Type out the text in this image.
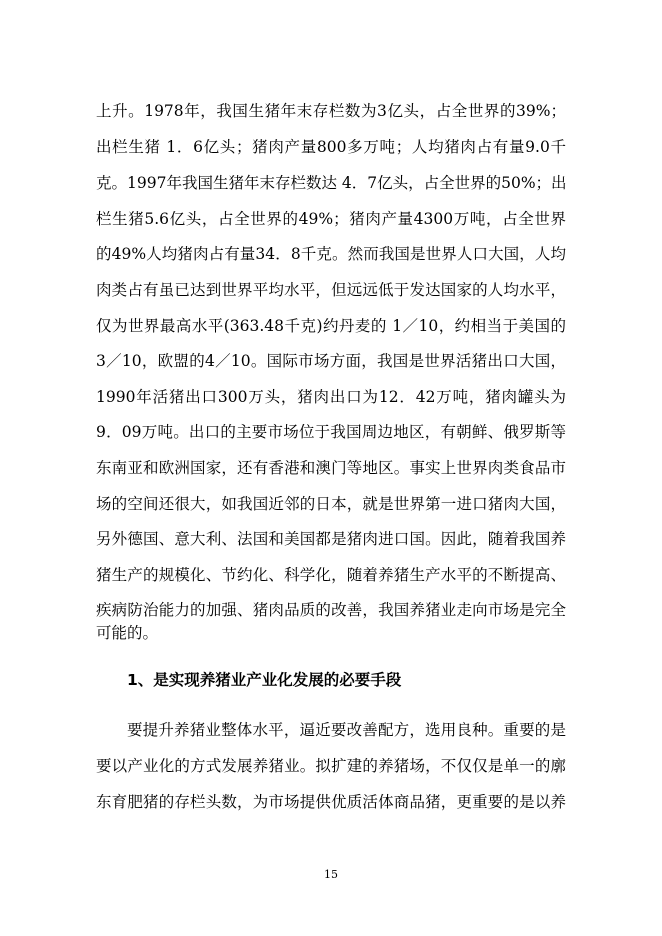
上升。1978年，我国生猪年末存栏数为3亿头，占全世界的39%；
出栏生猪 1．6亿头；猪肉产量800多万吨；人均猪肉占有量9.0千
克。1997年我国生猪年末存栏数达 4．7亿头，占全世界的50%；出
栏生猪5.6亿头，占全世界的49%；猪肉产量4300万吨，占全世界
的49%人均猪肉占有量34．8千克。然而我国是世界人口大国，人均
肉类占有虽已达到世界平均水平，但远远低于发达国家的人均水平，
仅为世界最高水平(363.48千克)约丹麦的 1／10，约相当于美国的
3／10，欧盟的4／10。国际市场方面，我国是世界活猪出口大国，
1990年活猪出口300万头，猪肉出口为12．42万吨，猪肉罐头为
9．09万吨。出口的主要市场位于我国周边地区，有朝鲜、俄罗斯等
东南亚和欧洲国家，还有香港和澳门等地区。事实上世界肉类食品市
场的空间还很大，如我国近邻的日本，就是世界第一进口猪肉大国，
另外德国、意大利、法国和美国都是猪肉进口国。因此，随着我国养
猪生产的规模化、节约化、科学化，随着养猪生产水平的不断提高、
疾病防治能力的加强、猪肉品质的改善，我国养猪业走向市场是完全
可能的。
1、是实现养猪业产业化发展的必要手段
要提升养猪业整体水平，逼近要改善配方，选用良种。重要的是
要以产业化的方式发展养猪业。拟扩建的养猪场，不仅仅是单一的廓
东育肥猪的存栏头数，为市场提供优质活体商品猪，更重要的是以养
15
